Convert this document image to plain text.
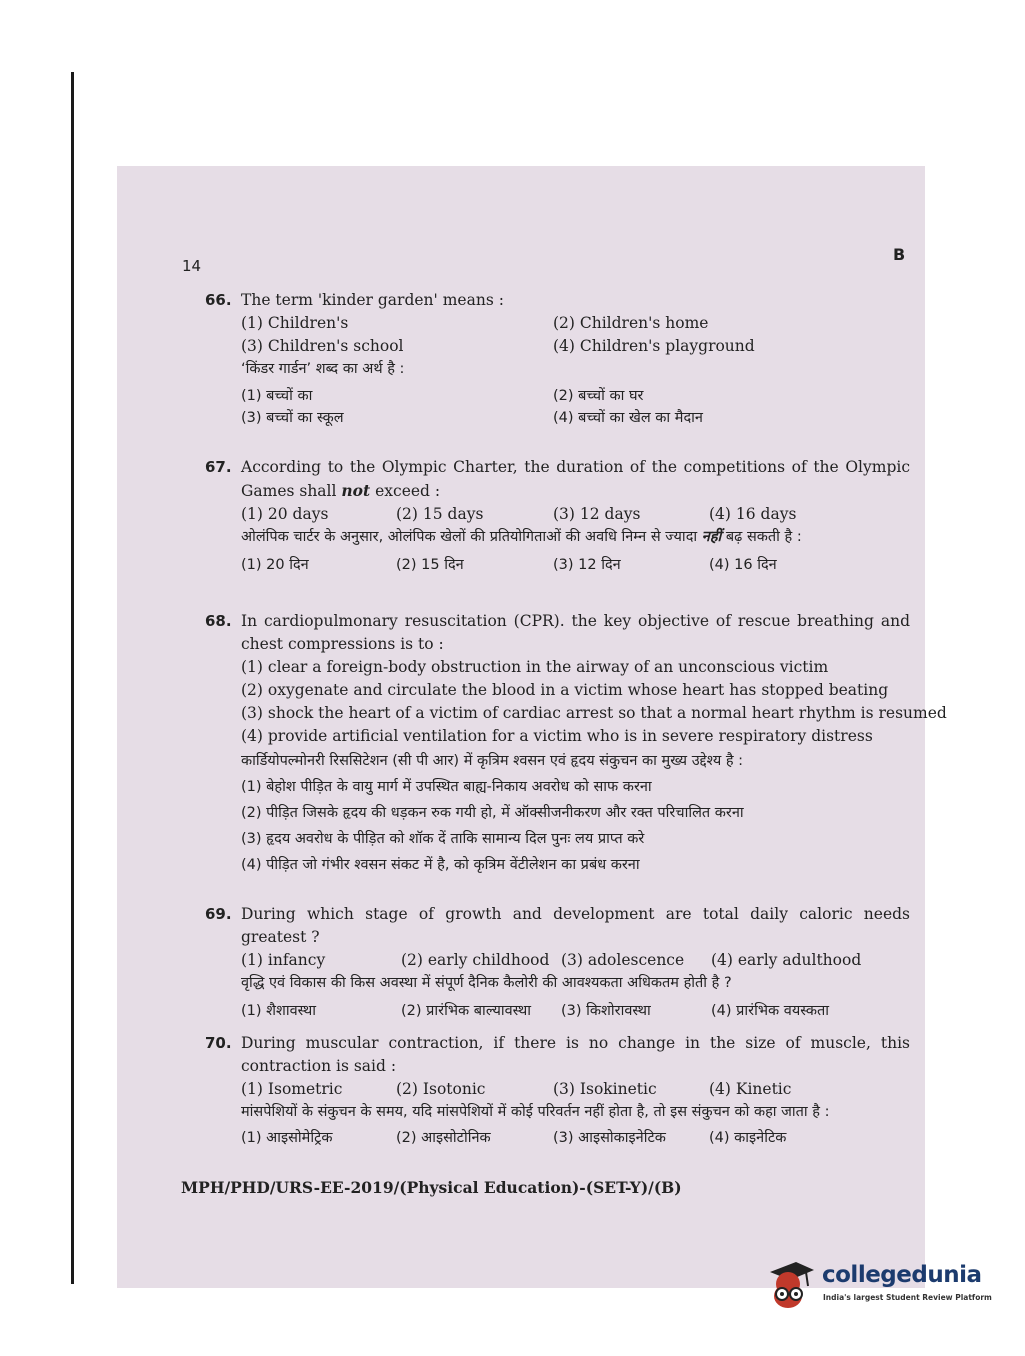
14
B
66. The term 'kinder garden' means :
(1) Children's	(2) Children's home
(3) Children's school	(4) Children's playground
‘किंडर गार्डन’ शब्द का अर्थ है :
(1) बच्चों का	(2) बच्चों का घर
(3) बच्चों का स्कूल	(4) बच्चों का खेल का मैदान
67. According to the Olympic Charter, the duration of the competitions of the Olympic Games shall not exceed :
(1) 20 days	(2) 15 days	(3) 12 days	(4) 16 days
ओलंपिक चार्टर के अनुसार, ओलंपिक खेलों की प्रतियोगिताओं की अवधि निम्न से ज्यादा नहीं बढ़ सकती है :
(1) 20 दिन	(2) 15 दिन	(3) 12 दिन	(4) 16 दिन
68. In cardiopulmonary resuscitation (CPR). the key objective of rescue breathing and chest compressions is to :
(1) clear a foreign-body obstruction in the airway of an unconscious victim
(2) oxygenate and circulate the blood in a victim whose heart has stopped beating
(3) shock the heart of a victim of cardiac arrest so that a normal heart rhythm is resumed
(4) provide artificial ventilation for a victim who is in severe respiratory distress
कार्डियोपल्मोनरी रिससिटेशन (सी पी आर) में कृत्रिम श्वसन एवं हृदय संकुचन का मुख्य उद्देश्य है :
(1) बेहोश पीड़ित के वायु मार्ग में उपस्थित बाह्य-निकाय अवरोध को साफ करना
(2) पीड़ित जिसके हृदय की धड़कन रुक गयी हो, में ऑक्सीजनीकरण और रक्त परिचालित करना
(3) हृदय अवरोध के पीड़ित को शॉक दें ताकि सामान्य दिल पुनः लय प्राप्त करे
(4) पीड़ित जो गंभीर श्वसन संकट में है, को कृत्रिम वेंटीलेशन का प्रबंध करना
69. During which stage of growth and development are total daily caloric needs greatest ?
(1) infancy	(2) early childhood (3) adolescence (4) early adulthood
वृद्धि एवं विकास की किस अवस्था में संपूर्ण दैनिक कैलोरी की आवश्यकता अधिकतम होती है ?
(1) शैशावस्था	(2) प्रारंभिक बाल्यावस्था (3) किशोरावस्था	(4) प्रारंभिक वयस्कता
70. During muscular contraction, if there is no change in the size of muscle, this contraction is said :
(1) Isometric	(2) Isotonic	(3) Isokinetic	(4) Kinetic
मांसपेशियों के संकुचन के समय, यदि मांसपेशियों में कोई परिवर्तन नहीं होता है, तो इस संकुचन को कहा जाता है :
(1) आइसोमेट्रिक	(2) आइसोटोनिक	(3) आइसोकाइनेटिक	(4) काइनेटिक
MPH/PHD/URS-EE-2019/(Physical Education)-(SET-Y)/(B)
collegedunia
India's largest Student Review Platform
